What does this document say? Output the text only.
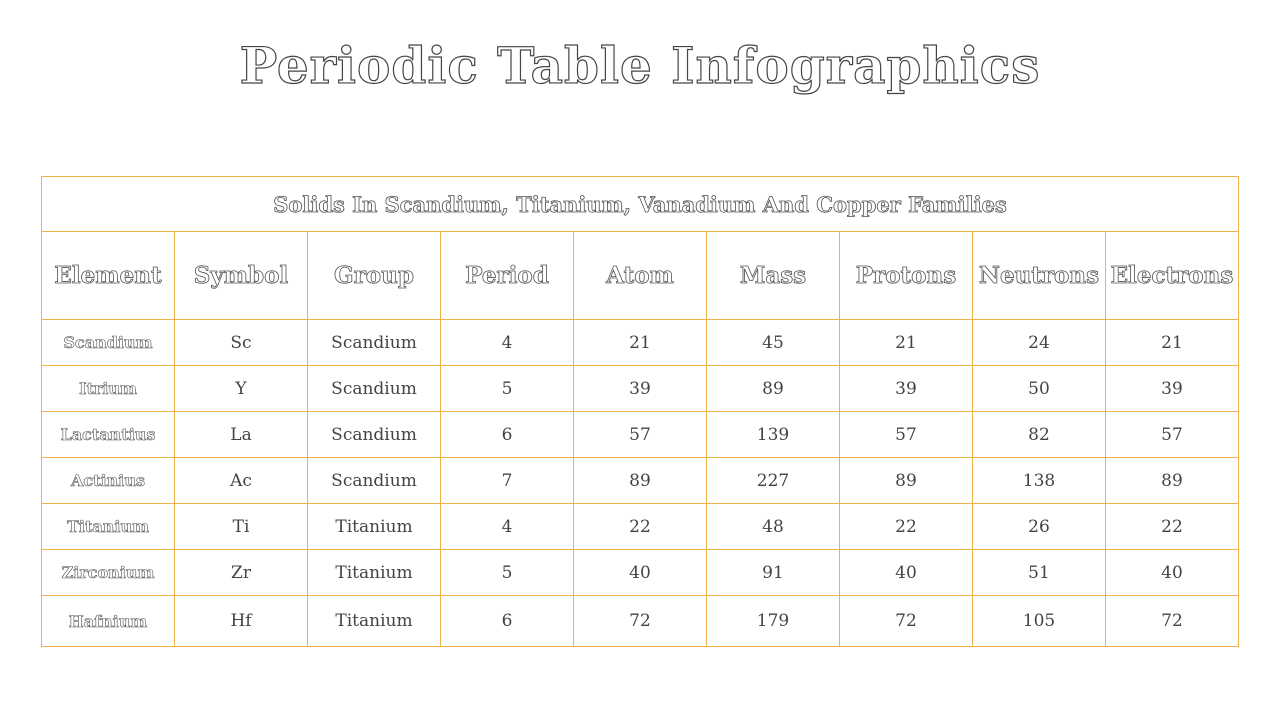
Periodic Table Infographics
Solids In Scandium, Titanium, Vanadium And Copper Families								
Element	Symbol	Group	Period	Atom	Mass	Protons	Neutrons	Electrons
Scandium	Sc	Scandium	4	21	45	21	24	21
Itrium	Y	Scandium	5	39	89	39	50	39
Lactantius	La	Scandium	6	57	139	57	82	57
Actinius	Ac	Scandium	7	89	227	89	138	89
Titanium	Ti	Titanium	4	22	48	22	26	22
Zirconium	Zr	Titanium	5	40	91	40	51	40
Hafnium	Hf	Titanium	6	72	179	72	105	72
